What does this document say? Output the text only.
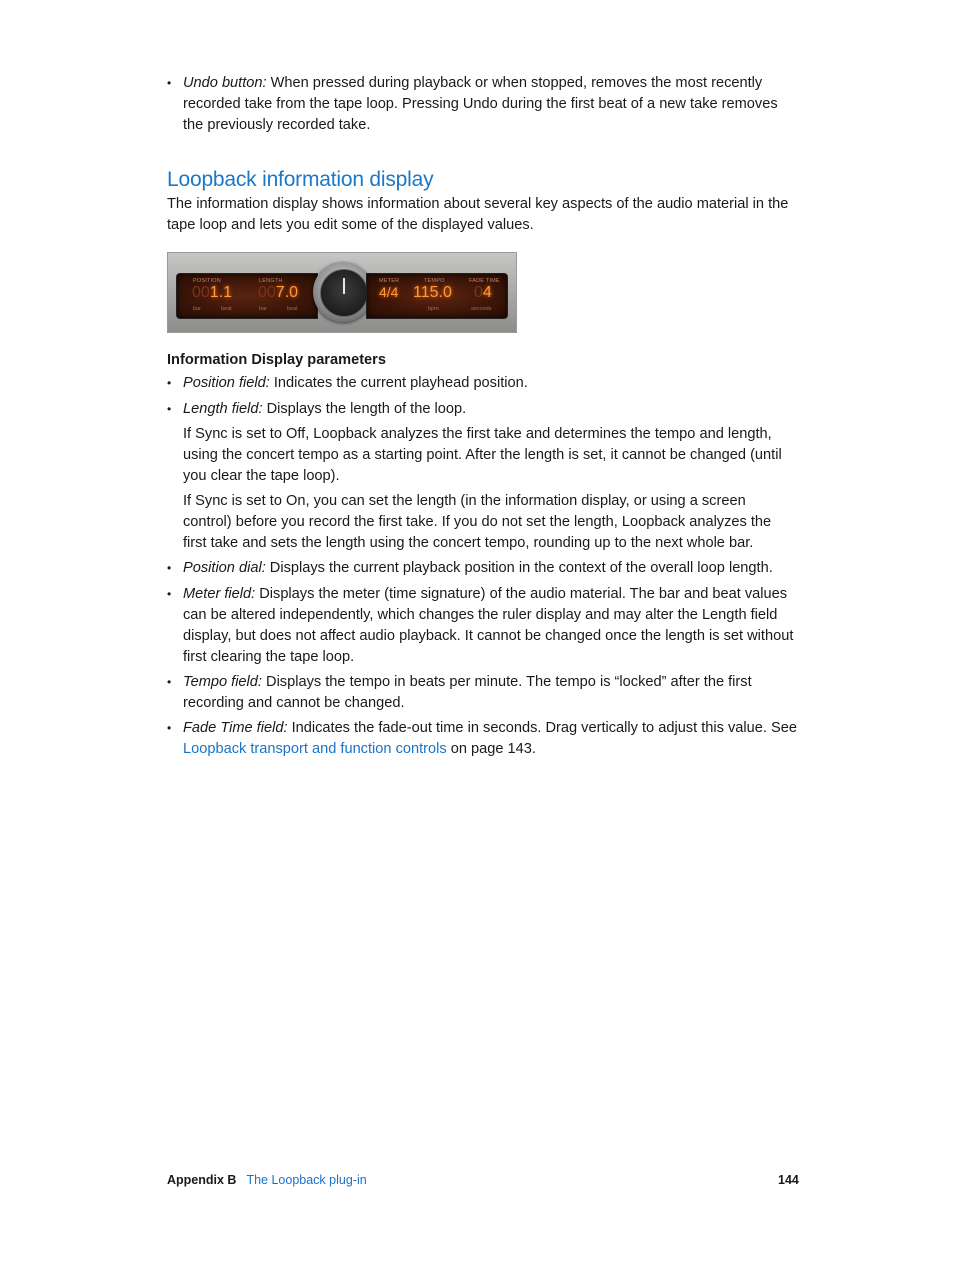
• Undo button: When pressed during playback or when stopped, removes the most recently recorded take from the tape loop. Pressing Undo during the first beat of a new take removes the previously recorded take.
Loopback information display
The information display shows information about several key aspects of the audio material in the tape loop and lets you edit some of the displayed values.
POSITION	LENGTH
001.1 007.0
bar	beat	bar	beat
METER	TEMPO	FADE TIME
4/4 115.0 04
bpm	seconds
Information Display parameters
• Position field: Indicates the current playhead position.
• Length field: Displays the length of the loop.
If Sync is set to Off, Loopback analyzes the first take and determines the tempo and length, using the concert tempo as a starting point. After the length is set, it cannot be changed (until you clear the tape loop).
If Sync is set to On, you can set the length (in the information display, or using a screen control) before you record the first take. If you do not set the length, Loopback analyzes the first take and sets the length using the concert tempo, rounding up to the next whole bar.
• Position dial: Displays the current playback position in the context of the overall loop length.
• Meter field: Displays the meter (time signature) of the audio material. The bar and beat values can be altered independently, which changes the ruler display and may alter the Length field display, but does not affect audio playback. It cannot be changed once the length is set without first clearing the tape loop.
• Tempo field: Displays the tempo in beats per minute. The tempo is “locked” after the first recording and cannot be changed.
• Fade Time field: Indicates the fade-out time in seconds. Drag vertically to adjust this value. See Loopback transport and function controls on page 143.
Appendix B The Loopback plug-in	144
